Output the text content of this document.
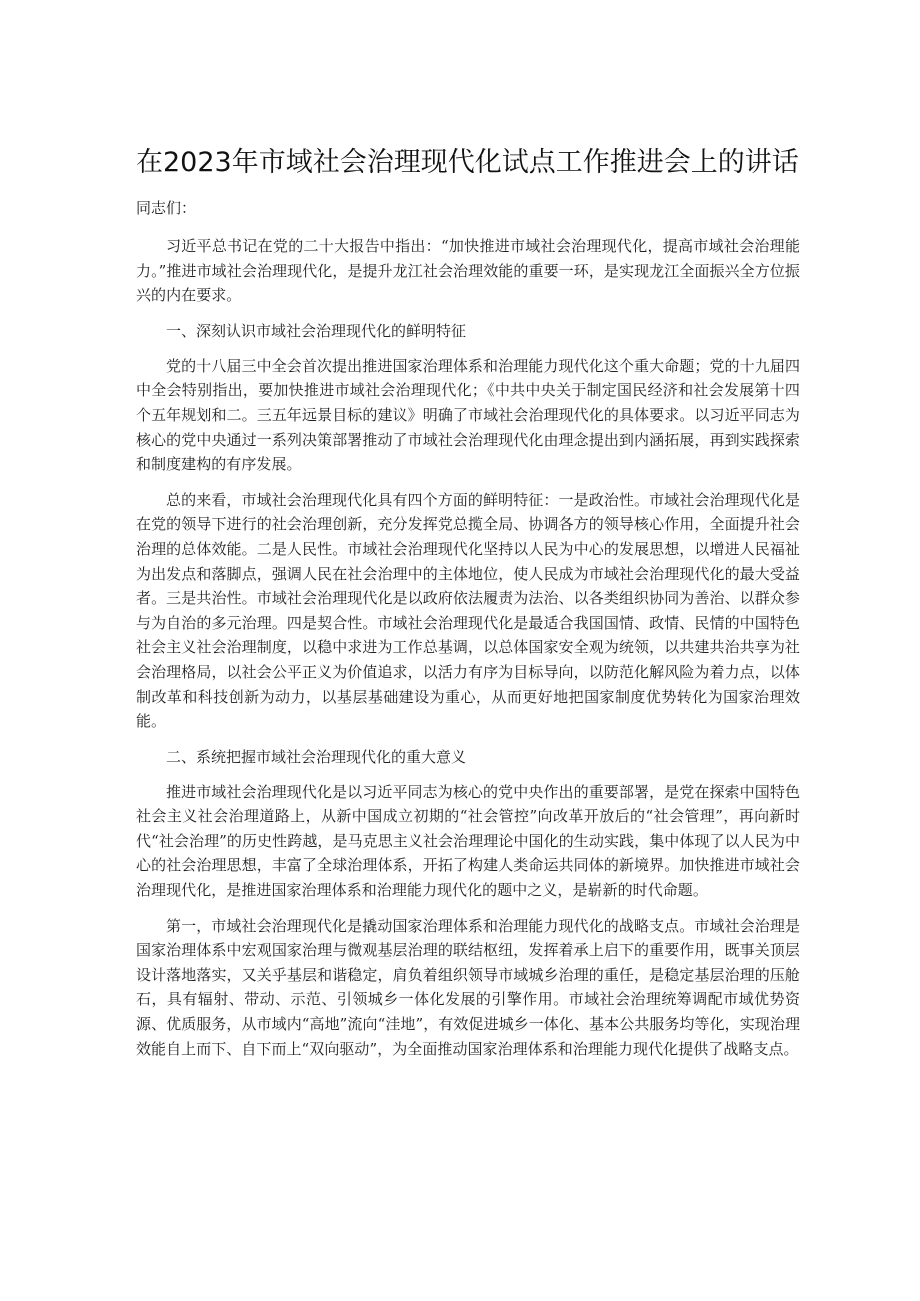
在2023年市域社会治理现代化试点工作推进会上的讲话

同志们：

习近平总书记在党的二十大报告中指出：“加快推进市域社会治理现代化，提高市域社会治理能力。”推进市域社会治理现代化，是提升龙江社会治理效能的重要一环，是实现龙江全面振兴全方位振兴的内在要求。

一、深刻认识市域社会治理现代化的鲜明特征

党的十八届三中全会首次提出推进国家治理体系和治理能力现代化这个重大命题；党的十九届四中全会特别指出，要加快推进市域社会治理现代化；《中共中央关于制定国民经济和社会发展第十四个五年规划和二。三五年远景目标的建议》明确了市域社会治理现代化的具体要求。以习近平同志为核心的党中央通过一系列决策部署推动了市域社会治理现代化由理念提出到内涵拓展，再到实践探索和制度建构的有序发展。

总的来看，市域社会治理现代化具有四个方面的鲜明特征：一是政治性。市域社会治理现代化是在党的领导下进行的社会治理创新，充分发挥党总揽全局、协调各方的领导核心作用，全面提升社会治理的总体效能。二是人民性。市域社会治理现代化坚持以人民为中心的发展思想，以增进人民福祉为出发点和落脚点，强调人民在社会治理中的主体地位，使人民成为市域社会治理现代化的最大受益者。三是共治性。市域社会治理现代化是以政府依法履责为法治、以各类组织协同为善治、以群众参与为自治的多元治理。四是契合性。市域社会治理现代化是最适合我国国情、政情、民情的中国特色社会主义社会治理制度，以稳中求进为工作总基调，以总体国家安全观为统领，以共建共治共享为社会治理格局，以社会公平正义为价值追求，以活力有序为目标导向，以防范化解风险为着力点，以体制改革和科技创新为动力，以基层基础建设为重心，从而更好地把国家制度优势转化为国家治理效能。

二、系统把握市域社会治理现代化的重大意义

推进市域社会治理现代化是以习近平同志为核心的党中央作出的重要部署，是党在探索中国特色社会主义社会治理道路上，从新中国成立初期的“社会管控”向改革开放后的“社会管理”，再向新时代“社会治理”的历史性跨越，是马克思主义社会治理理论中国化的生动实践，集中体现了以人民为中心的社会治理思想，丰富了全球治理体系，开拓了构建人类命运共同体的新境界。加快推进市域社会治理现代化，是推进国家治理体系和治理能力现代化的题中之义，是崭新的时代命题。

第一，市域社会治理现代化是撬动国家治理体系和治理能力现代化的战略支点。市域社会治理是国家治理体系中宏观国家治理与微观基层治理的联结枢纽，发挥着承上启下的重要作用，既事关顶层设计落地落实，又关乎基层和谐稳定，肩负着组织领导市域城乡治理的重任，是稳定基层治理的压舱石，具有辐射、带动、示范、引领城乡一体化发展的引擎作用。市域社会治理统筹调配市域优势资源、优质服务，从市域内“高地”流向“洼地”，有效促进城乡一体化、基本公共服务均等化，实现治理效能自上而下、自下而上“双向驱动”，为全面推动国家治理体系和治理能力现代化提供了战略支点。
